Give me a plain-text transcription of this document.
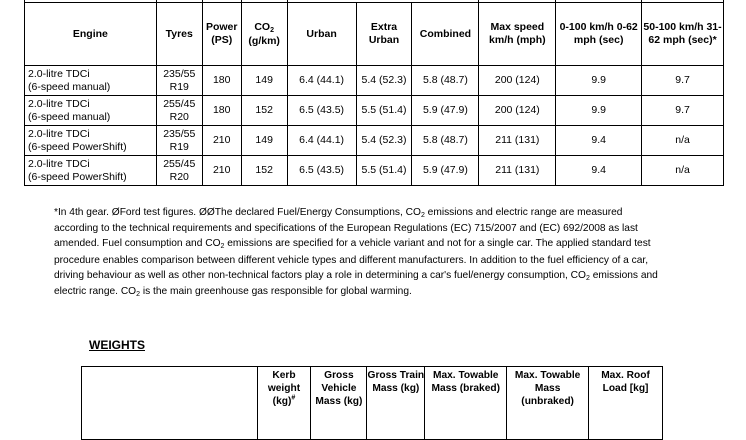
Engine	Tyres	Power (PS)	CO2
(g/km)	Urban	Extra Urban	Combined	Max speed km/h (mph)	0-100 km/h 0-62 mph (sec)	50-100 km/h 31-62 mph (sec)*
2.0-litre TDCi
(6-speed manual)	235/55
R19	180	149	6.4 (44.1)	5.4 (52.3)	5.8 (48.7)	200 (124)	9.9	9.7
2.0-litre TDCi
(6-speed manual)	255/45
R20	180	152	6.5 (43.5)	5.5 (51.4)	5.9 (47.9)	200 (124)	9.9	9.7
2.0-litre TDCi
(6-speed PowerShift)	235/55
R19	210	149	6.4 (44.1)	5.4 (52.3)	5.8 (48.7)	211 (131)	9.4	n/a
2.0-litre TDCi
(6-speed PowerShift)	255/45
R20	210	152	6.5 (43.5)	5.5 (51.4)	5.9 (47.9)	211 (131)	9.4	n/a
*In 4th gear. ØFord test figures. ØØThe declared Fuel/Energy Consumptions, CO2 emissions and electric range are measured according to the technical requirements and specifications of the European Regulations (EC) 715/2007 and (EC) 692/2008 as last amended. Fuel consumption and CO2 emissions are specified for a vehicle variant and not for a single car. The applied standard test procedure enables comparison between different vehicle types and different manufacturers. In addition to the fuel efficiency of a car, driving behaviour as well as other non-technical factors play a role in determining a car's fuel/energy consumption, CO2 emissions and electric range. CO2 is the main greenhouse gas responsible for global warming.
WEIGHTS
	Kerb weight (kg)#	Gross Vehicle Mass (kg)	Gross Train Mass (kg)	Max. Towable Mass (braked)	Max. Towable Mass (unbraked)	Max. Roof Load [kg]
